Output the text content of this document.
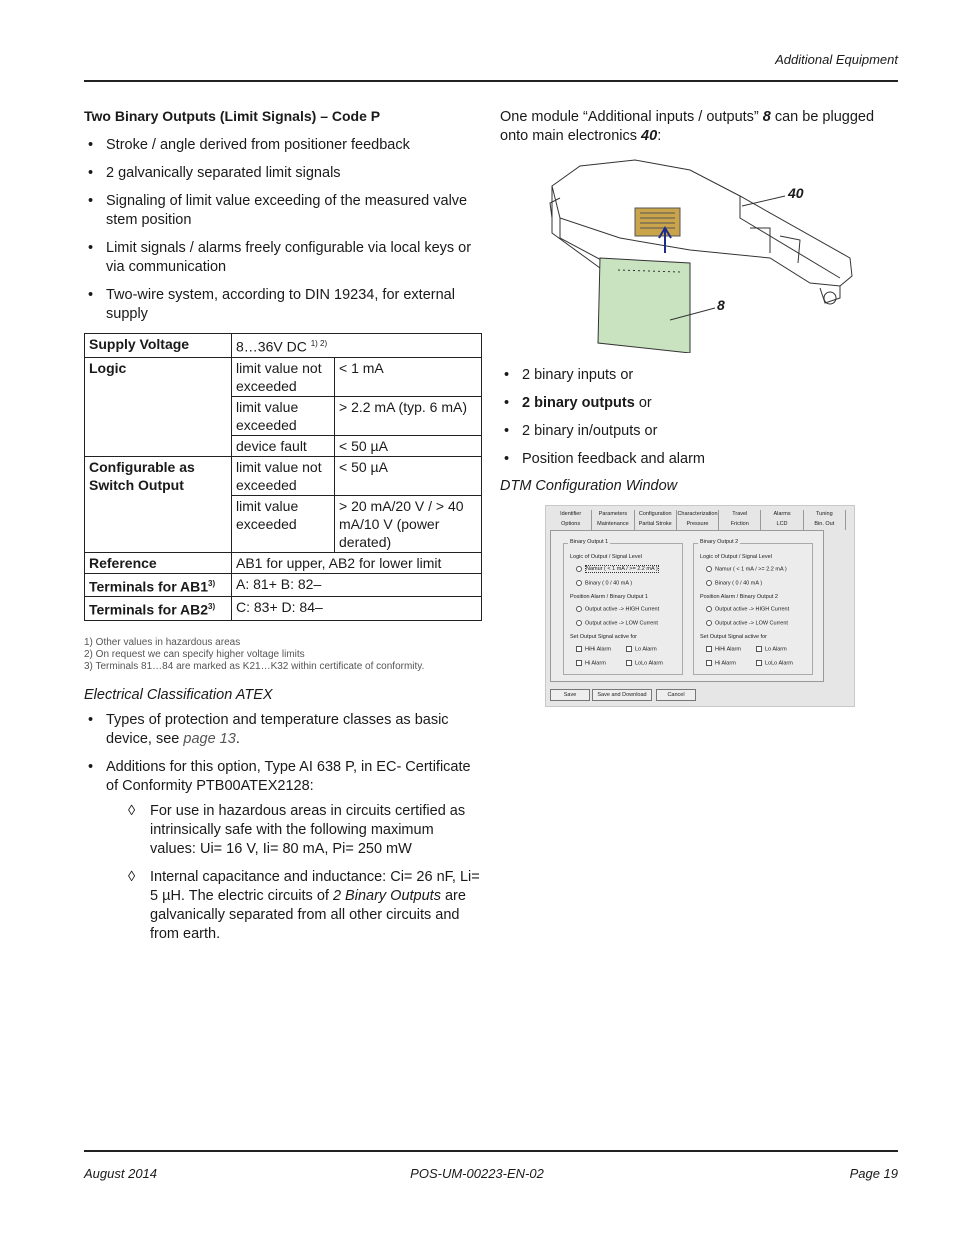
Additional Equipment
Two Binary Outputs (Limit Signals) – Code P
• Stroke / angle derived from positioner feedback
• 2 galvanically separated limit signals
• Signaling of limit value exceeding of the measured valve stem position
• Limit signals / alarms freely configurable via local keys or via communication
• Two-wire system, according to DIN 19234, for external supply
Supply Voltage	8…36V DC $^{1) 2)}$
Logic	limit value not exceeded	< 1 mA
	limit value exceeded	> 2.2 mA (typ. 6 mA)
	device fault	< 50 µA
Configurable as Switch Output	limit value not exceeded	< 50 µA
	limit value exceeded	> 20 mA/20 V / > 40 mA/10 V (power derated)
Reference	AB1 for upper, AB2 for lower limit	
Terminals for AB1$^{3)}$	A: 81+ B: 82–	
Terminals for AB2$^{3)}$	C: 83+ D: 84–	
1) Other values in hazardous areas
2) On request we can specify higher voltage limits
3) Terminals 81…84 are marked as K21…K32 within certificate of conformity.
Electrical Classification ATEX
• Types of protection and temperature classes as basic device, see page 13.
• Additions for this option, Type AI 638 P, in EC- Certificate of Conformity PTB00ATEX2128:
◊ For use in hazardous areas in circuits certified as intrinsically safe with the following maximum values: Ui= 16 V, Ii= 80 mA, Pi= 250 mW
◊ Internal capacitance and inductance: Ci= 26 nF, Li= 5 µH. The electric circuits of 2 Binary Outputs are galvanically separated from all other circuits and from earth.

One module “Additional inputs / outputs” 8 can be plugged onto main electronics 40:

40
8
• 2 binary inputs or
• 2 binary outputs or
• 2 binary in/outputs or
• Position feedback and alarm
DTM Configuration Window
Identifier	Parameters	Configuration	Characterization	Travel	Alarms	Tuning
Options	Maintenance	Partial Stroke	Pressure	Friction	LCD	Bin. Out
Binary Output 1
Logic of Output / Signal Level
Namur ( < 1 mA / >= 2.2 mA )
Binary ( 0 / 40 mA )
Position Alarm / Binary Output 1
Output active -> HIGH Current
Output active -> LOW Current
Set Output Signal active for
HiHi Alarm	Lo Alarm
Hi Alarm	LoLo Alarm
Binary Output 2
Logic of Output / Signal Level
Namur ( < 1 mA / >= 2.2 mA )
Binary ( 0 / 40 mA )
Position Alarm / Binary Output 2
Output active -> HIGH Current
Output active -> LOW Current
Set Output Signal active for
HiHi Alarm	Lo Alarm
Hi Alarm	LoLo Alarm
Save	Save and Download	Cancel
August 2014	POS-UM-00223-EN-02	Page 19
